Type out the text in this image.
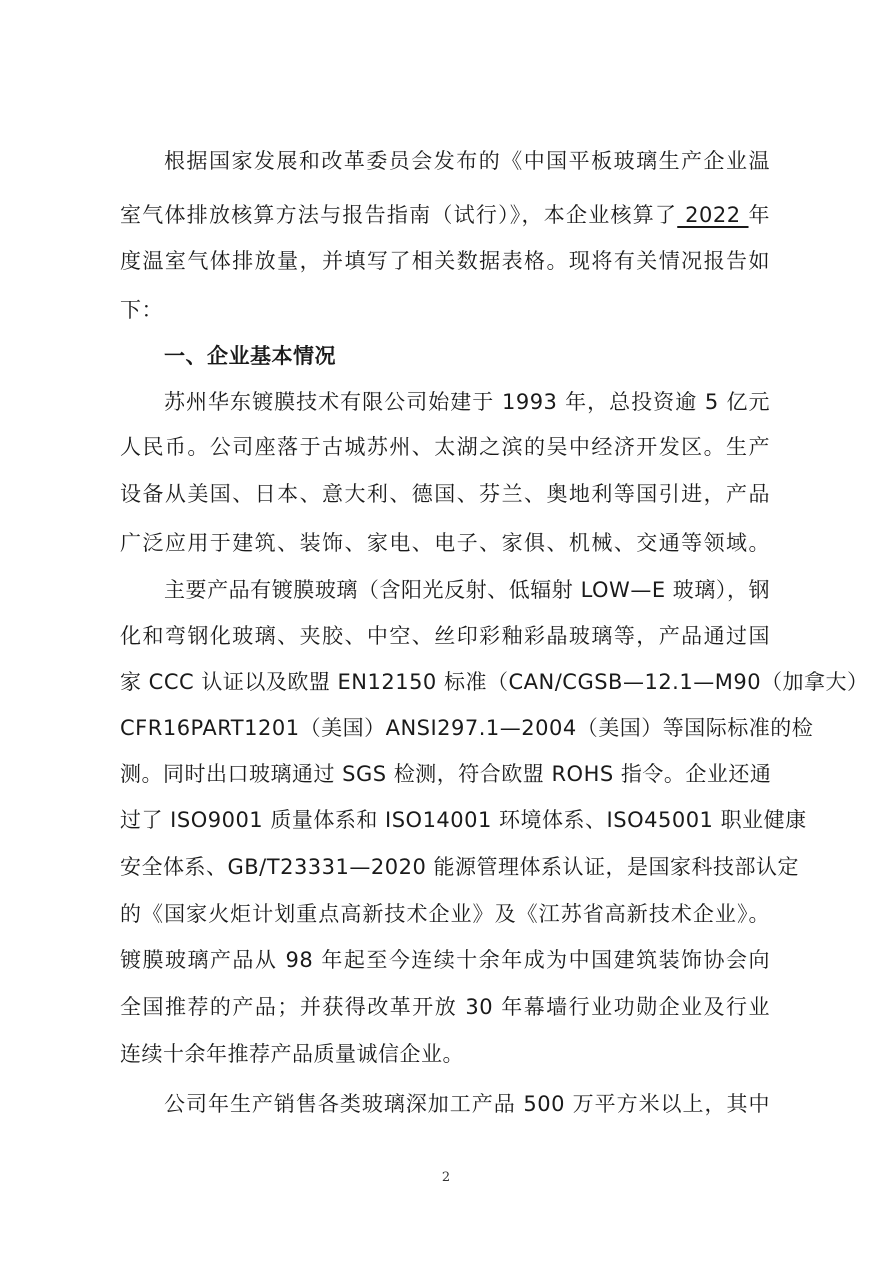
根据国家发展和改革委员会发布的《中国平板玻璃生产企业温
室气体排放核算方法与报告指南（试行）》，本企业核算了 2022 年
度温室气体排放量，并填写了相关数据表格。现将有关情况报告如
下：
一、企业基本情况
苏州华东镀膜技术有限公司始建于 1993 年，总投资逾 5 亿元
人民币。公司座落于古城苏州、太湖之滨的吴中经济开发区。生产
设备从美国、日本、意大利、德国、芬兰、奥地利等国引进，产品
广泛应用于建筑、装饰、家电、电子、家俱、机械、交通等领域。
主要产品有镀膜玻璃（含阳光反射、低辐射 LOW—E 玻璃），钢
化和弯钢化玻璃、夹胶、中空、丝印彩釉彩晶玻璃等，产品通过国
家 CCC 认证以及欧盟 EN12150 标准（CAN/CGSB—12.1—M90（加拿大）
CFR16PART1201（美国）ANSI297.1—2004（美国）等国际标准的检
测。同时出口玻璃通过 SGS 检测，符合欧盟 ROHS 指令。企业还通
过了 ISO9001 质量体系和 ISO14001 环境体系、ISO45001 职业健康
安全体系、GB/T23331—2020 能源管理体系认证，是国家科技部认定
的《国家火炬计划重点高新技术企业》及《江苏省高新技术企业》。
镀膜玻璃产品从 98 年起至今连续十余年成为中国建筑装饰协会向
全国推荐的产品；并获得改革开放 30 年幕墙行业功勋企业及行业
连续十余年推荐产品质量诚信企业。
公司年生产销售各类玻璃深加工产品 500 万平方米以上，其中
2
